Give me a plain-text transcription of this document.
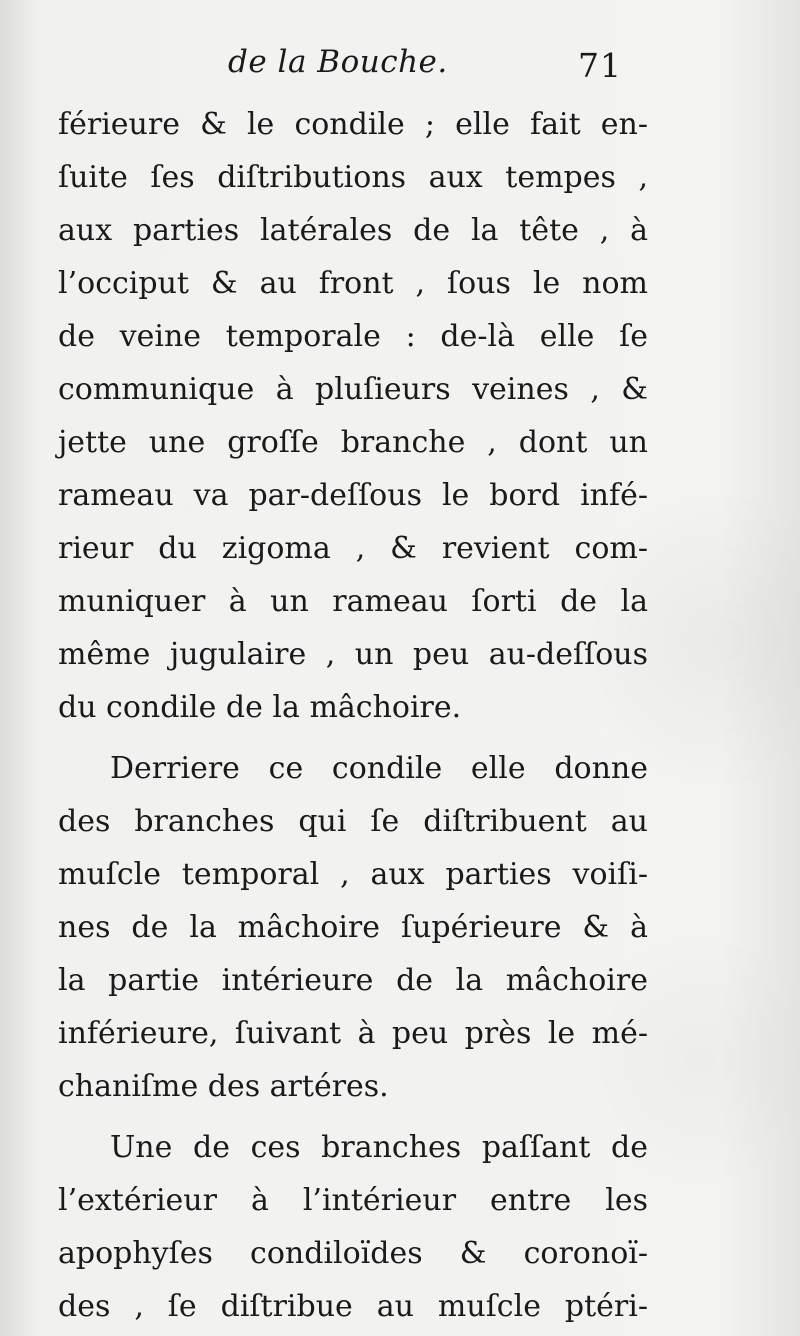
de la Bouche.	71
férieure & le condile ; elle fait en-
ſuite ſes diſtributions aux tempes ,
aux parties latérales de la tête , à
l’occiput & au front , ſous le nom
de veine temporale : de-là elle ſe
communique à pluſieurs veines , &
jette une groſſe branche , dont un
rameau va par-deſſous le bord infé-
rieur du zigoma , & revient com-
muniquer à un rameau ſorti de la
même jugulaire , un peu au-deſſous
du condile de la mâchoire.
Derriere ce condile elle donne
des branches qui ſe diſtribuent au
muſcle temporal , aux parties voiſi-
nes de la mâchoire ſupérieure & à
la partie intérieure de la mâchoire
inférieure, ſuivant à peu près le mé-
chaniſme des artéres.
Une de ces branches paſſant de
l’extérieur à l’intérieur entre les
apophyſes condiloïdes & coronoï-
des , ſe diſtribue au muſcle ptéri-
